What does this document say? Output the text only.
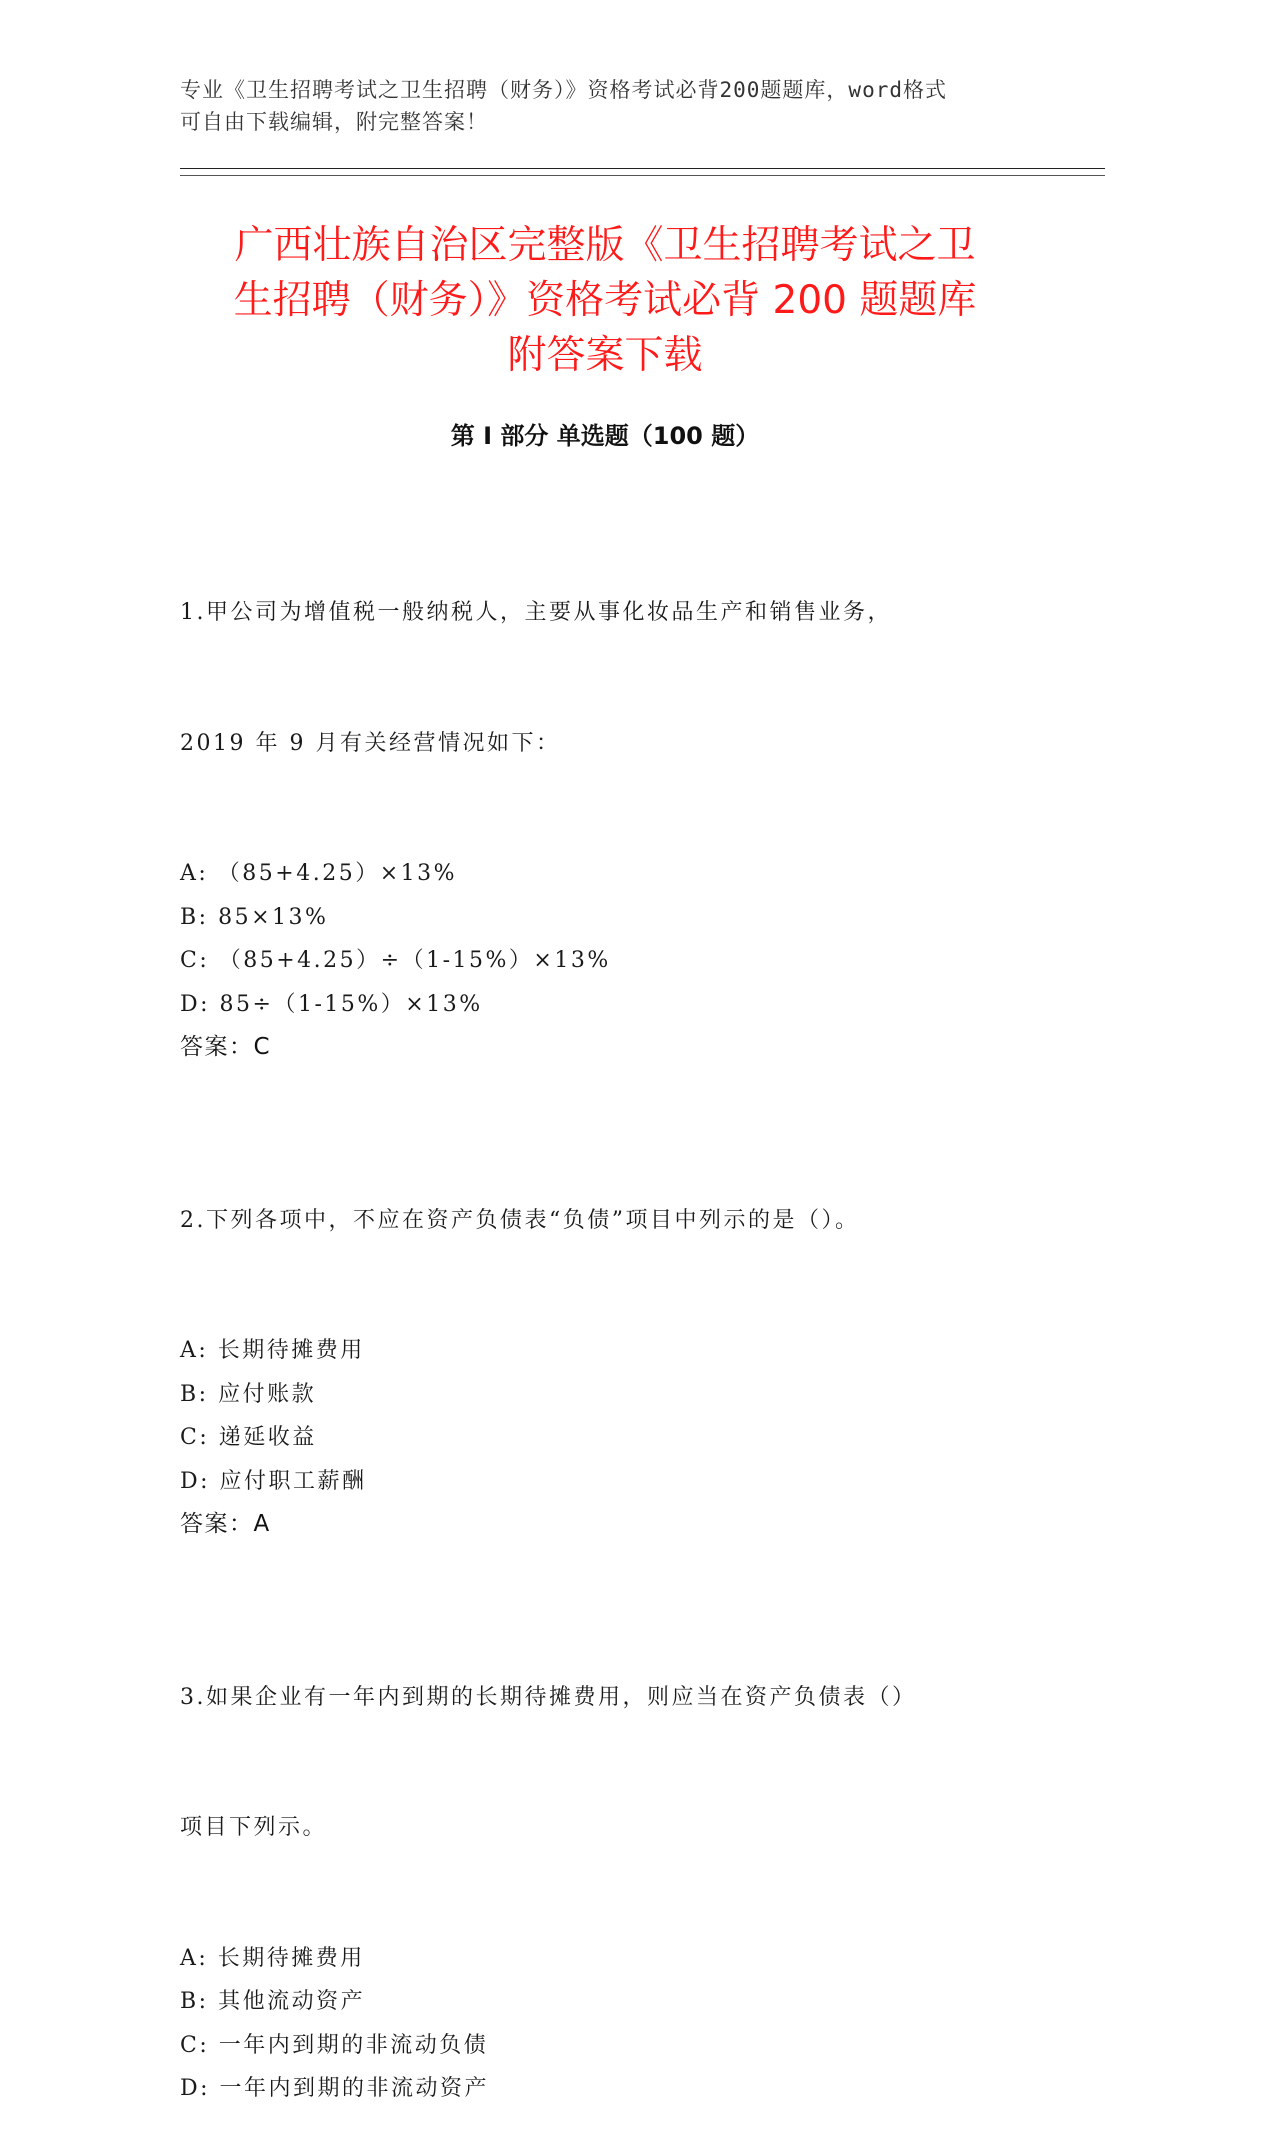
专业《卫生招聘考试之卫生招聘（财务）》资格考试必背200题题库，word格式
可自由下载编辑，附完整答案！
广西壮族自治区完整版《卫生招聘考试之卫
生招聘（财务）》资格考试必背 200 题题库
附答案下载
第 I 部分 单选题（100 题）

1.甲公司为增值税一般纳税人，主要从事化妆品生产和销售业务，

2019 年 9 月有关经营情况如下：

A: （85+4.25）×13%
B: 85×13%
C: （85+4.25）÷（1-15%）×13%
D: 85÷（1-15%）×13%
答案：C

2.下列各项中，不应在资产负债表“负债”项目中列示的是（）。

A: 长期待摊费用
B: 应付账款
C: 递延收益
D: 应付职工薪酬
答案：A

3.如果企业有一年内到期的长期待摊费用，则应当在资产负债表（）

项目下列示。

A: 长期待摊费用
B: 其他流动资产
C: 一年内到期的非流动负债
D: 一年内到期的非流动资产
